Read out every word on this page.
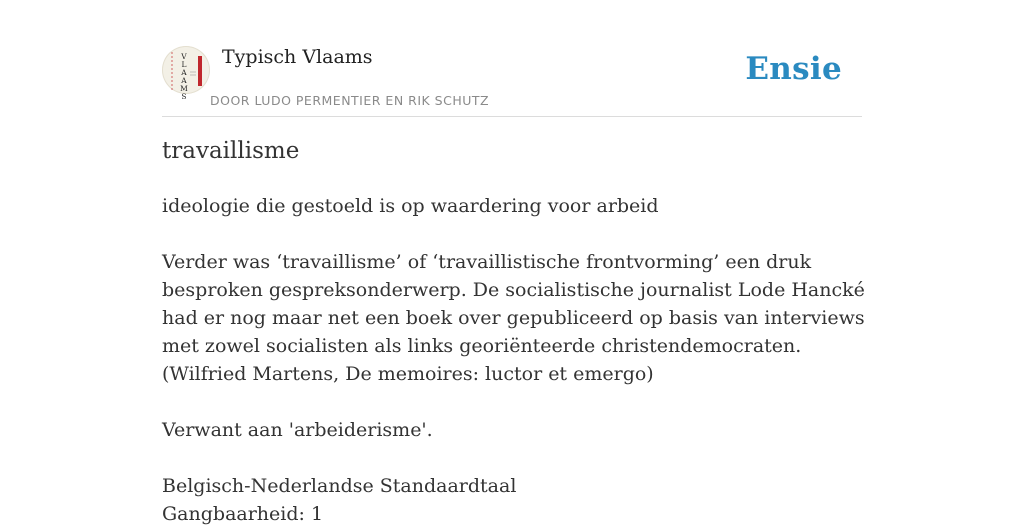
V
L
A
A
M
S
Typisch Vlaams
DOOR LUDO PERMENTIER EN RIK SCHUTZ
Ensie
travaillisme

ideologie die gestoeld is op waardering voor arbeid

Verder was ‘travaillisme’ of ‘travaillistische frontvorming’ een druk besproken gespreksonderwerp. De socialistische journalist Lode Hancké had er nog maar net een boek over gepubliceerd op basis van interviews met zowel socialisten als links georiënteerde christendemocraten.

(Wilfried Martens, De memoires: luctor et emergo)

Verwant aan 'arbeiderisme'.

Belgisch-Nederlandse Standaardtaal

Gangbaarheid: 1
